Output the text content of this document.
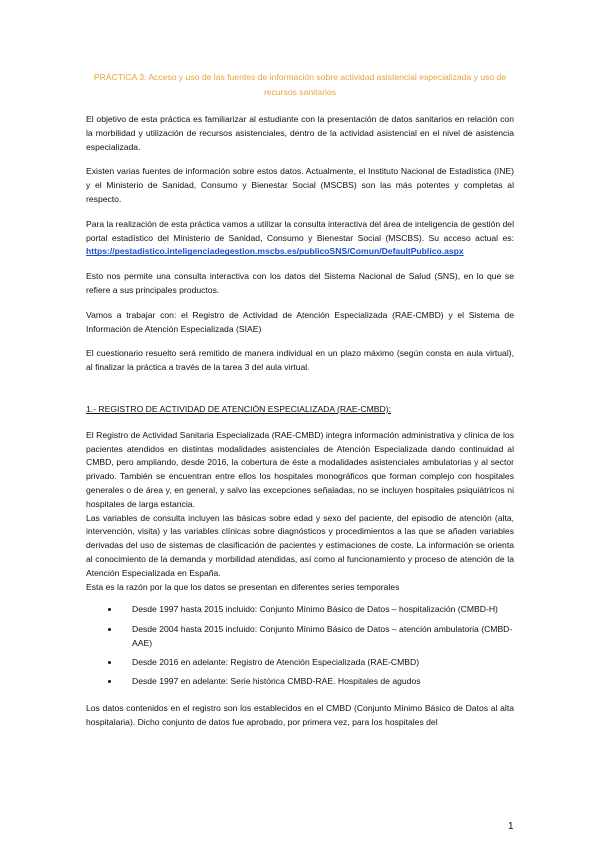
PRÁCTICA 3: Acceso y uso de las fuentes de información sobre actividad asistencial especializada y uso de recursos sanitarios

El objetivo de esta práctica es familiarizar al estudiante con la presentación de datos sanitarios en relación con la morbilidad y utilización de recursos asistenciales, dentro de la actividad asistencial en el nivel de asistencia especializada.

Existen varias fuentes de información sobre estos datos. Actualmente, el Instituto Nacional de Estadística (INE) y el Ministerio de Sanidad, Consumo y Bienestar Social (MSCBS) son las más potentes y completas al respecto.

Para la realización de esta práctica vamos a utilizar la consulta interactiva del área de inteligencia de gestión del portal estadístico del Ministerio de Sanidad, Consumo y Bienestar Social (MSCBS). Su acceso actual es: https://pestadistico.inteligenciadegestion.mscbs.es/publicoSNS/Comun/DefaultPublico.aspx

Esto nos permite una consulta interactiva con los datos del Sistema Nacional de Salud (SNS), en lo que se refiere a sus principales productos.

Vamos a trabajar con: el Registro de Actividad de Atención Especializada (RAE-CMBD) y el Sistema de Información de Atención Especializada (SIAE)

El cuestionario resuelto será remitido de manera individual en un plazo máximo (según consta en aula virtual), al finalizar la práctica a través de la tarea 3 del aula virtual.

1.- REGISTRO DE ACTIVIDAD DE ATENCIÓN ESPECIALIZADA (RAE-CMBD):

El Registro de Actividad Sanitaria Especializada (RAE-CMBD) integra información administrativa y clínica de los pacientes atendidos en distintas modalidades asistenciales de Atención Especializada dando continuidad al CMBD, pero ampliando, desde 2016, la cobertura de éste a modalidades asistenciales ambulatorias y al sector privado. También se encuentran entre ellos los hospitales monográficos que forman complejo con hospitales generales o de área y, en general, y salvo las excepciones señaladas, no se incluyen hospitales psiquiátricos ni hospitales de larga estancia.

Las variables de consulta incluyen las básicas sobre edad y sexo del paciente, del episodio de atención (alta, intervención, visita) y las variables clínicas sobre diagnósticos y procedimientos a las que se añaden variables derivadas del uso de sistemas de clasificación de pacientes y estimaciones de coste. La información se orienta al conocimiento de la demanda y morbilidad atendidas, así como al funcionamiento y proceso de atención de la Atención Especializada en España.

Esta es la razón por la que los datos se presentan en diferentes series temporales

• Desde 1997 hasta 2015 incluido: Conjunto Mínimo Básico de Datos – hospitalización (CMBD-H)
• Desde 2004 hasta 2015 incluido: Conjunto Mínimo Básico de Datos – atención ambulatoria (CMBD-AAE)
• Desde 2016 en adelante: Registro de Atención Especializada (RAE-CMBD)
• Desde 1997 en adelante: Serie histórica CMBD-RAE. Hospitales de agudos

Los datos contenidos en el registro son los establecidos en el CMBD (Conjunto Mínimo Básico de Datos al alta hospitalaria). Dicho conjunto de datos fue aprobado, por primera vez, para los hospitales del

1
